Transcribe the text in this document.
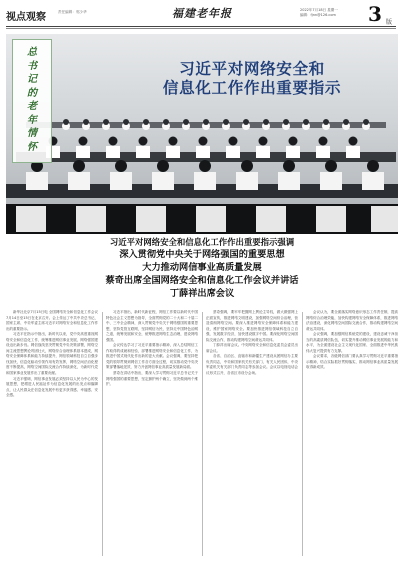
视点观察	责任编辑：郭少华	福建老年报	2022年7月18日 星期一
编辑：fjnn@126.com	3 版
习近平对网络安全和
信息化工作作出重要指示
总
书
记
的
老
年
情
怀
习近平对网络安全和信息化工作作出重要指示强调
深入贯彻党中央关于网络强国的重要思想
大力推动网信事业高质量发展
蔡奇出席全国网络安全和信息化工作会议并讲话
丁薛祥出席会议

新华社北京7月15日电 全国网络安全和信息化工作会议7月14日至15日在北京召开。会上传达了中共中央总书记、国家主席、中央军委主席习近平对网络安全和信息化工作作出的重要指示。

习近平在指示中指出，新时代以来，党中央高度重视网络安全和信息化工作，统筹推进网信事业发展，网络强国建设迈出新步伐。网信战线坚决贯彻党中央决策部署，网络空间主流思想舆论巩固壮大，网络综合治理体系基本建成，网络安全保障体系和能力持续提升，网信领域科技自立自强步伐加快，信息化驱动引领作用有效发挥，网络空间法治化程度不断提高，网络空间国际交流合作持续深化，为新时代党和国家事业发展作出了重要贡献。

习近平强调，网信事业发展必须坚持以人民为中心的发展思想，把增进人民福祉作为信息化发展的出发点和落脚点，让人民群众在信息化发展中有更多获得感、幸福感、安全感。

习近平指出，新时代新征程，网信工作要以新时代中国特色社会主义思想为指导，全面贯彻党的二十大和二十届二中、三中全会精神，深入贯彻党中央关于网络强国的重要思想，坚持党管互联网，坚持网信为民，坚持走中国特色治网之道，统筹发展和安全，统筹推进网络生态治理，建设网络强国。

会议传达学习了习近平重要指示精神，深入总结网信工作取得的成就和经验，部署推进网络安全和信息化工作，为推进中国式现代化作出新的更大贡献。会议强调，要坚持把党的领导贯彻到网信工作各方面全过程，切实推动党中央决策部署落地见效，努力开创网信事业高质量发展新局面。

蔡奇在讲话中指出，要深入学习贯彻习近平总书记关于网络强国的重要思想，坚定拥护两个确立，坚决做到两个维护。

蔡奇强调，要牢牢把握网上舆论主导权，做大做强网上正面宣传，推进网络文明建设，加强网络空间综合治理，营造清朗网络空间。要深入推进网络安全保障体系和能力建设，维护国家网络安全。要加快推进网信领域科技自立自强，发展数字经济，加快建设数字中国。要深化网络空间国际交流合作，推动构建网络空间命运共同体。

丁薛祥出席会议。中央网络安全和信息化委员会委员出席会议。

各省、自治区、直辖市和新疆生产建设兵团网信办主要负责同志，中央和国家机关有关部门、有关人民团体，中央军委机关有关部门负责同志等参加会议。会议以电视电话会议形式召开，各省区市设分会场。

会议认为，要全面落实网络意识形态工作责任制，提高网络综合治理效能，加快构建网络安全保障体系，推进网络法治建设，深化网络空间国际交流合作，推动构建网络空间命运共同体。

会议强调，要加强网信系统党的建设，建设忠诚干净担当的高素质网信队伍，切实提升推动网信事业发展的能力和水平，为全面建设社会主义现代化国家、全面推进中华民族伟大复兴提供有力支撑。

会议要求，各级网信部门要认真学习贯彻习近平重要指示精神，结合实际抓好贯彻落实，推动网信事业高质量发展取得新成效。
